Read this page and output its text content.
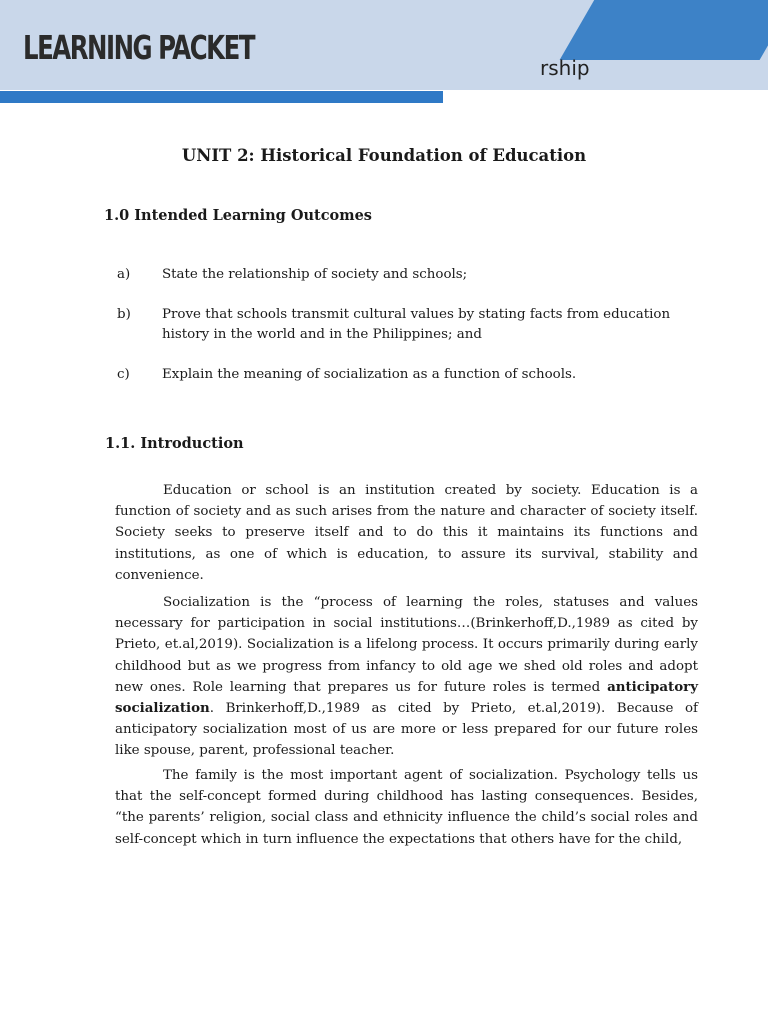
LEARNING PACKET
rship
UNIT 2: Historical Foundation of Education
1.0 Intended Learning Outcomes
a) State the relationship of society and schools;
b) Prove that schools transmit cultural values by stating facts from education history in the world and in the Philippines; and
c) Explain the meaning of socialization as a function of schools.
1.1. Introduction
Education or school is an institution created by society. Education is a function of society and as such arises from the nature and character of society itself. Society seeks to preserve itself and to do this it maintains its functions and institutions, as one of which is education, to assure its survival, stability and convenience.
Socialization is the “process of learning the roles, statuses and values necessary for participation in social institutions…(Brinkerhoff,D.,1989 as cited by Prieto, et.al,2019). Socialization is a lifelong process. It occurs primarily during early childhood but as we progress from infancy to old age we shed old roles and adopt new ones. Role learning that prepares us for future roles is termed anticipatory socialization. Brinkerhoff,D.,1989 as cited by Prieto, et.al,2019). Because of anticipatory socialization most of us are more or less prepared for our future roles like spouse, parent, professional teacher.
The family is the most important agent of socialization. Psychology tells us that the self-concept formed during childhood has lasting consequences. Besides, “the parents’ religion, social class and ethnicity influence the child’s social roles and self-concept which in turn influence the expectations that others have for the child,
